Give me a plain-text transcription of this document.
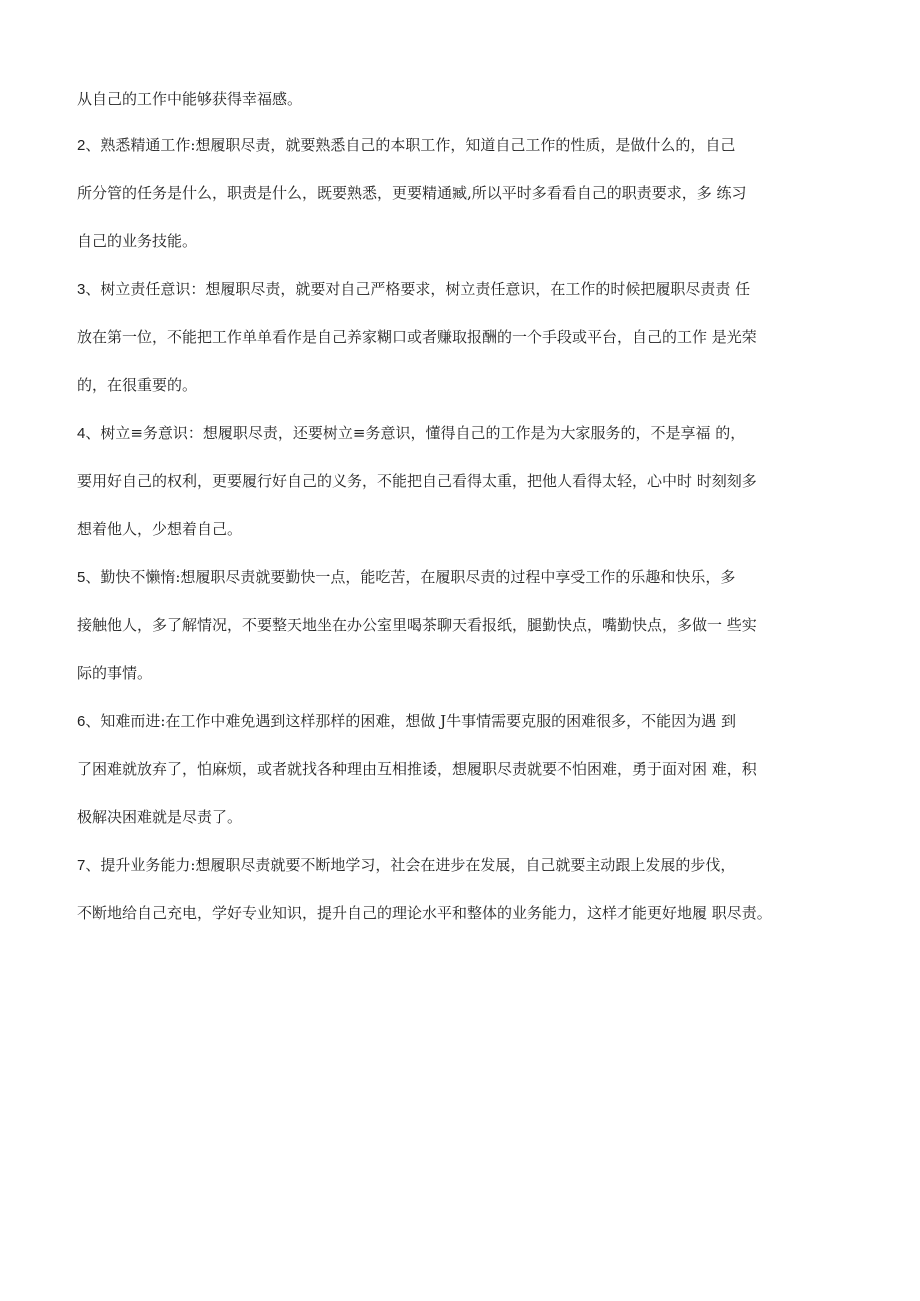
从自己的工作中能够获得幸福感。
2、熟悉精通工作:想履职尽责，就要熟悉自己的本职工作，知道自己工作的性质，是做什么的，自己
所分管的任务是什么，职责是什么，既要熟悉，更要精通臧,所以平时多看看自己的职责要求，多 练习
自己的业务技能。
3、树立责任意识：想履职尽责，就要对自己严格要求，树立责任意识，在工作的时候把履职尽责责 任
放在第一位，不能把工作单单看作是自己养家糊口或者赚取报酬的一个手段或平台，自己的工作 是光荣
的，在很重要的。
4、树立≡务意识：想履职尽责，还要树立≡务意识，懂得自己的工作是为大家服务的，不是享福 的，
要用好自己的权利，更要履行好自己的义务，不能把自己看得太重，把他人看得太轻，心中时 时刻刻多
想着他人，少想着自己。
5、勤快不懒惰:想履职尽责就要勤快一点，能吃苦，在履职尽责的过程中享受工作的乐趣和快乐，多
接触他人，多了解情况，不要整天地坐在办公室里喝茶聊天看报纸，腿勤快点，嘴勤快点，多做一 些实
际的事情。
6、知难而进:在工作中难免遇到这样那样的困难，想做 J牛事情需要克服的困难很多，不能因为遇 到
了困难就放弃了，怕麻烦，或者就找各种理由互相推诿，想履职尽责就要不怕困难，勇于面对困 难，积
极解决困难就是尽责了。
7、提升业务能力:想履职尽责就要不断地学习，社会在进步在发展，自己就要主动跟上发展的步伐，
不断地给自己充电，学好专业知识，提升自己的理论水平和整体的业务能力，这样才能更好地履 职尽责。
